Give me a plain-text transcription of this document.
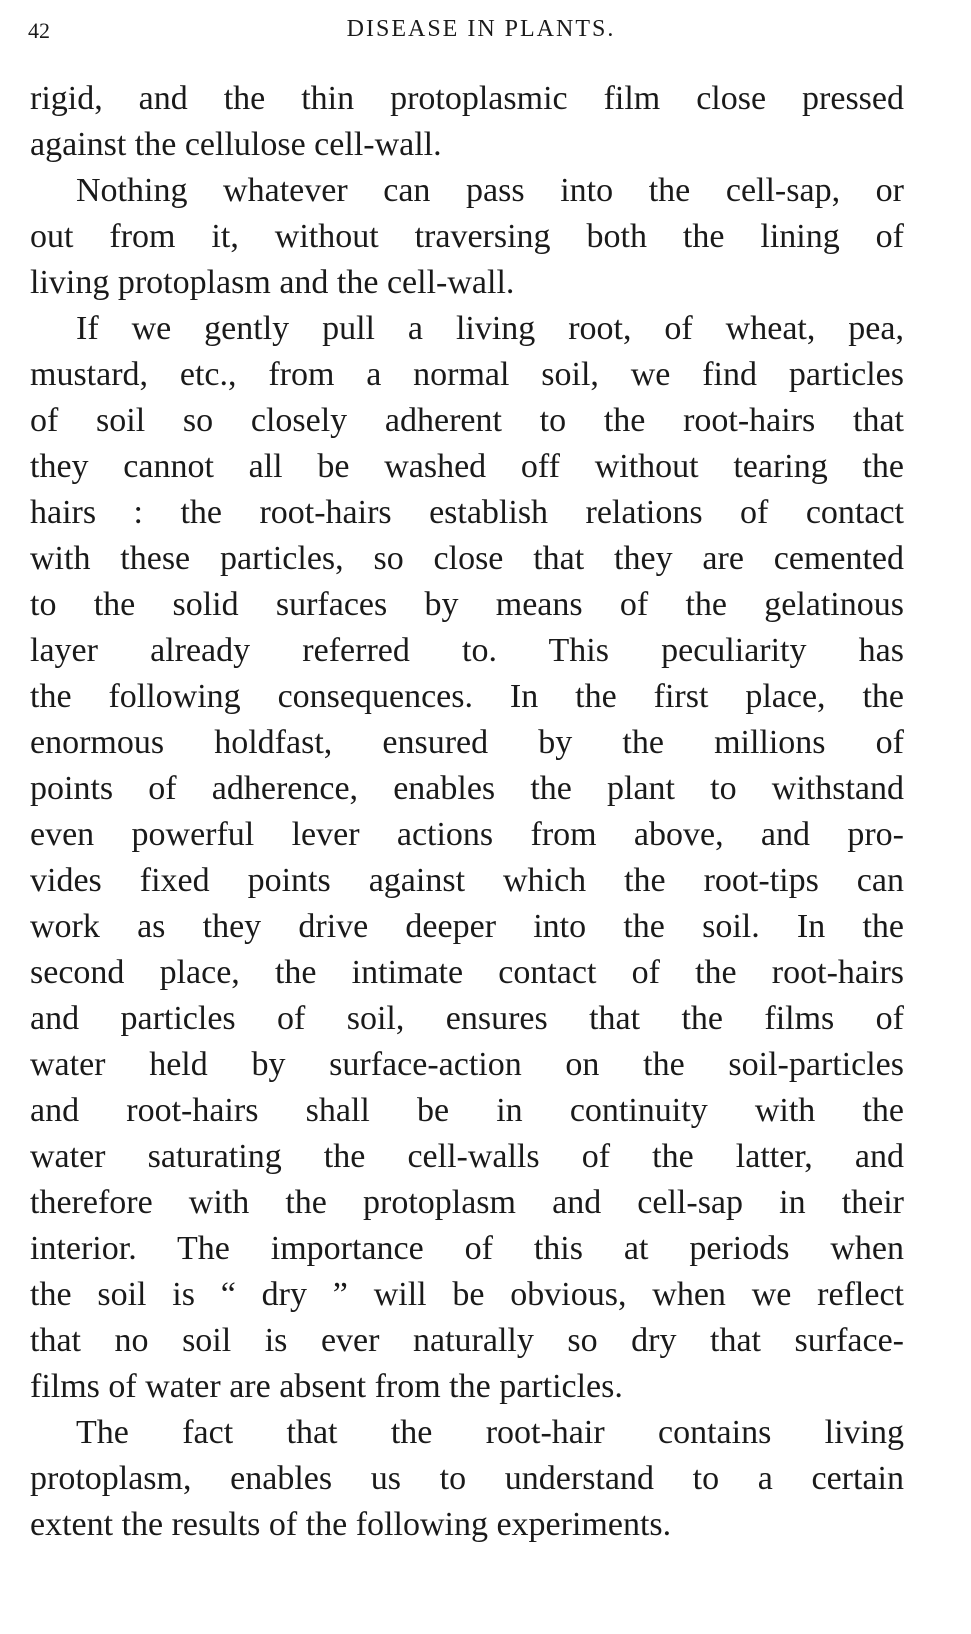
42	DISEASE IN PLANTS.
rigid, and the thin protoplasmic film close pressed
against the cellulose cell-wall.
Nothing whatever can pass into the cell-sap, or
out from it, without traversing both the lining of
living protoplasm and the cell-wall.
If we gently pull a living root, of wheat, pea,
mustard, etc., from a normal soil, we find particles
of soil so closely adherent to the root-hairs that
they cannot all be washed off without tearing the
hairs : the root-hairs establish relations of contact
with these particles, so close that they are cemented
to the solid surfaces by means of the gelatinous
layer already referred to. This peculiarity has
the following consequences. In the first place, the
enormous holdfast, ensured by the millions of
points of adherence, enables the plant to withstand
even powerful lever actions from above, and pro-
vides fixed points against which the root-tips can
work as they drive deeper into the soil. In the
second place, the intimate contact of the root-hairs
and particles of soil, ensures that the films of
water held by surface-action on the soil-particles
and root-hairs shall be in continuity with the
water saturating the cell-walls of the latter, and
therefore with the protoplasm and cell-sap in their
interior. The importance of this at periods when
the soil is “ dry ” will be obvious, when we reflect
that no soil is ever naturally so dry that surface-
films of water are absent from the particles.
The fact that the root-hair contains living
protoplasm, enables us to understand to a certain
extent the results of the following experiments.
